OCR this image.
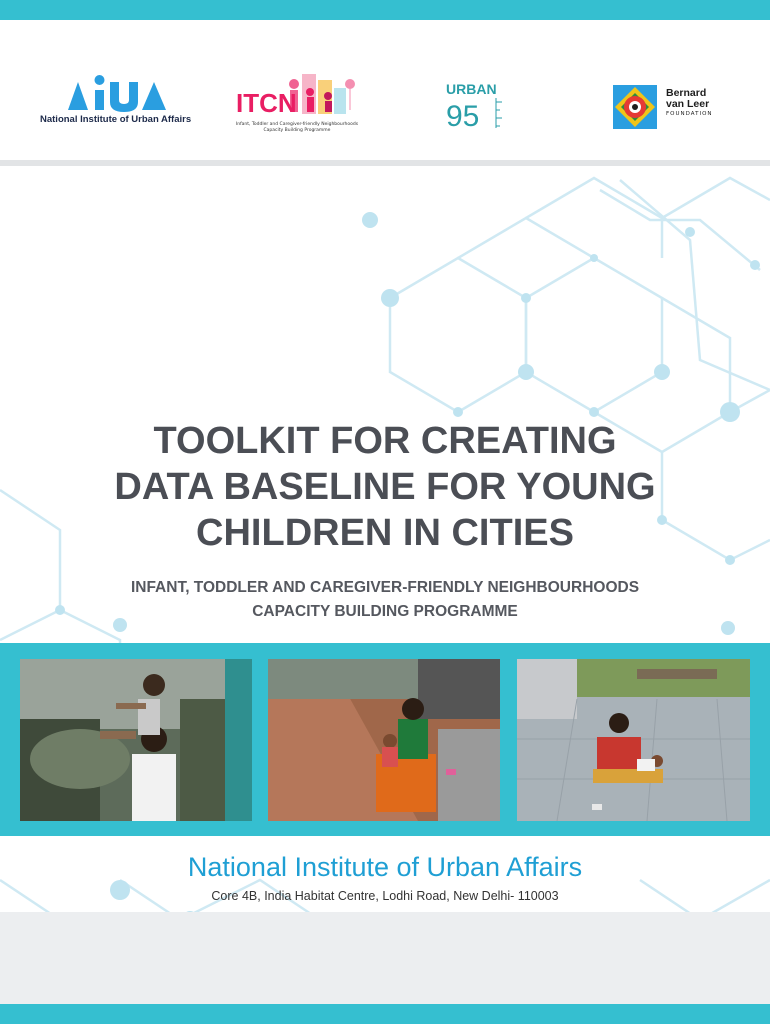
National Institute of Urban Affairs
ITCN
Infant, Toddler and Caregiver-friendly Neighbourhoods Capacity Building Programme
URBAN
95
Bernard van Leer
FOUNDATION
TOOLKIT FOR CREATING
DATA BASELINE FOR YOUNG
CHILDREN IN CITIES
INFANT, TODDLER AND CAREGIVER-FRIENDLY NEIGHBOURHOODS
CAPACITY BUILDING PROGRAMME

National Institute of Urban Affairs

Core 4B, India Habitat Centre, Lodhi Road, New Delhi- 110003
